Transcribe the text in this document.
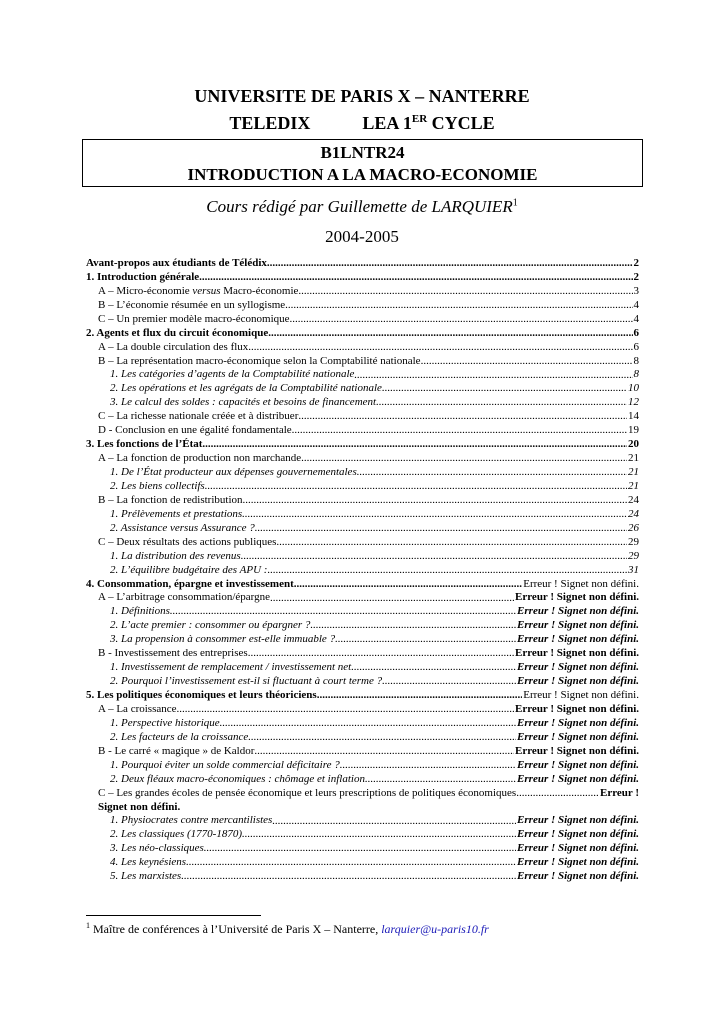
UNIVERSITE DE PARIS X – NANTERRE
TELEDIX	LEA 1ER CYCLE
B1LNTR24
INTRODUCTION A LA MACRO-ECONOMIE
Cours rédigé par Guillemette de LARQUIER$^1$
2004-2005
Avant-propos aux étudiants de Télédix .....	2
1. Introduction générale .....	2
A – Micro-économie versus Macro-économie .....	3
B – L’économie résumée en un syllogisme .....	4
C – Un premier modèle macro-économique .....	4
2. Agents et flux du circuit économique .....	6
A – La double circulation des flux .....	6
B – La représentation macro-économique selon la Comptabilité nationale .....	8
1. Les catégories d’agents de la Comptabilité nationale .....	8
2. Les opérations et les agrégats de la Comptabilité nationale .....	10
3. Le calcul des soldes : capacités et besoins de financement .....	12
C – La richesse nationale créée et à distribuer .....	14
D - Conclusion en une égalité fondamentale .....	19
3. Les fonctions de l’État .....	20
A – La fonction de production non marchande .....	21
1. De l’État producteur aux dépenses gouvernementales .....	21
2. Les biens collectifs .....	21
B – La fonction de redistribution .....	24
1. Prélèvements et prestations .....	24
2. Assistance versus Assurance ? .....	26
C – Deux résultats des actions publiques .....	29
1. La distribution des revenus .....	29
2. L’équilibre budgétaire des APU : .....	31
4. Consommation, épargne et investissement .....	Erreur ! Signet non défini.
A – L’arbitrage consommation/épargne .....	Erreur ! Signet non défini.
1. Définitions .....	Erreur ! Signet non défini.
2. L’acte premier : consommer ou épargner ? .....	Erreur ! Signet non défini.
3. La propension à consommer est-elle immuable ? .....	Erreur ! Signet non défini.
B - Investissement des entreprises .....	Erreur ! Signet non défini.
1. Investissement de remplacement / investissement net .....	Erreur ! Signet non défini.
2. Pourquoi l’investissement est-il si fluctuant à court terme ? .....	Erreur ! Signet non défini.
5. Les politiques économiques et leurs théoriciens .....	Erreur ! Signet non défini.
A – La croissance .....	Erreur ! Signet non défini.
1. Perspective historique .....	Erreur ! Signet non défini.
2. Les facteurs de la croissance .....	Erreur ! Signet non défini.
B - Le carré « magique » de Kaldor .....	Erreur ! Signet non défini.
1. Pourquoi éviter un solde commercial déficitaire ? .....	Erreur ! Signet non défini.
2. Deux fléaux macro-économiques : chômage et inflation .....	Erreur ! Signet non défini.
C – Les grandes écoles de pensée économique et leurs prescriptions de politiques économiques .....	Erreur !
Signet non défini.
1. Physiocrates contre mercantilistes .....	Erreur ! Signet non défini.
2. Les classiques (1770-1870) .....	Erreur ! Signet non défini.
3. Les néo-classiques .....	Erreur ! Signet non défini.
4. Les keynésiens .....	Erreur ! Signet non défini.
5. Les marxistes .....	Erreur ! Signet non défini.
$^1$ Maître de conférences à l’Université de Paris X – Nanterre, larquier@u-paris10.fr
